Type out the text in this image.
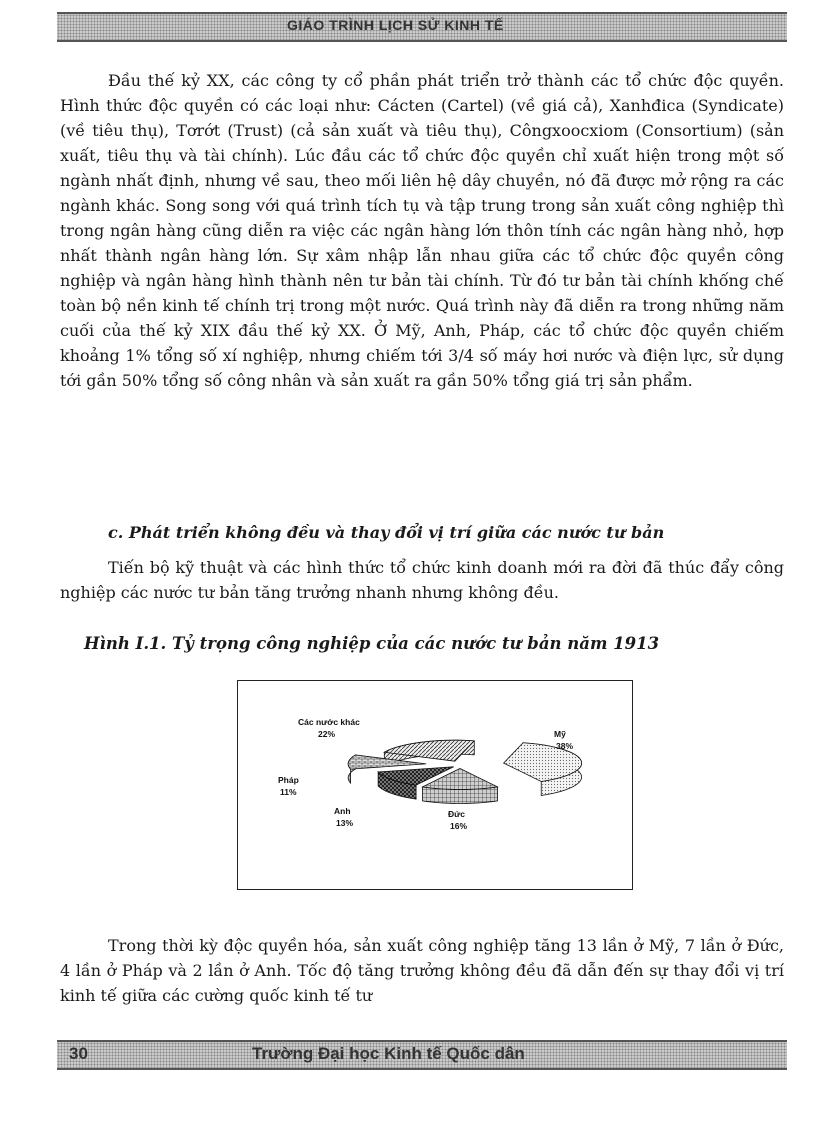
GIÁO TRÌNH LỊCH SỬ KINH TẾ

Đầu thế kỷ XX, các công ty cổ phần phát triển trở thành các tổ chức độc quyền. Hình thức độc quyền có các loại như: Cácten (Cartel) (về giá cả), Xanhđica (Syndicate) (về tiêu thụ), Tơrớt (Trust) (cả sản xuất và tiêu thụ), Côngxoocxiom (Consortium) (sản xuất, tiêu thụ và tài chính). Lúc đầu các tổ chức độc quyền chỉ xuất hiện trong một số ngành nhất định, nhưng về sau, theo mối liên hệ dây chuyền, nó đã được mở rộng ra các ngành khác. Song song với quá trình tích tụ và tập trung trong sản xuất công nghiệp thì trong ngân hàng cũng diễn ra việc các ngân hàng lớn thôn tính các ngân hàng nhỏ, hợp nhất thành ngân hàng lớn. Sự xâm nhập lẫn nhau giữa các tổ chức độc quyền công nghiệp và ngân hàng hình thành nên tư bản tài chính. Từ đó tư bản tài chính khống chế toàn bộ nền kinh tế chính trị trong một nước. Quá trình này đã diễn ra trong những năm cuối của thế kỷ XIX đầu thế kỷ XX. Ở Mỹ, Anh, Pháp, các tổ chức độc quyền chiếm khoảng 1% tổng số xí nghiệp, nhưng chiếm tới 3/4 số máy hơi nước và điện lực, sử dụng tới gần 50% tổng số công nhân và sản xuất ra gần 50% tổng giá trị sản phẩm.

c. Phát triển không đều và thay đổi vị trí giữa các nước tư bản

Tiến bộ kỹ thuật và các hình thức tổ chức kinh doanh mới ra đời đã thúc đẩy công nghiệp các nước tư bản tăng trưởng nhanh nhưng không đều.

Hình I.1. Tỷ trọng công nghiệp của các nước tư bản năm 1913

Mỹ
38%
Đức
16%
Anh
13%
Pháp
11%
Các nước khác
22%

Trong thời kỳ độc quyền hóa, sản xuất công nghiệp tăng 13 lần ở Mỹ, 7 lần ở Đức, 4 lần ở Pháp và 2 lần ở Anh. Tốc độ tăng trưởng không đều đã dẫn đến sự thay đổi vị trí kinh tế giữa các cường quốc kinh tế tư

30	Trường Đại học Kinh tế Quốc dân
